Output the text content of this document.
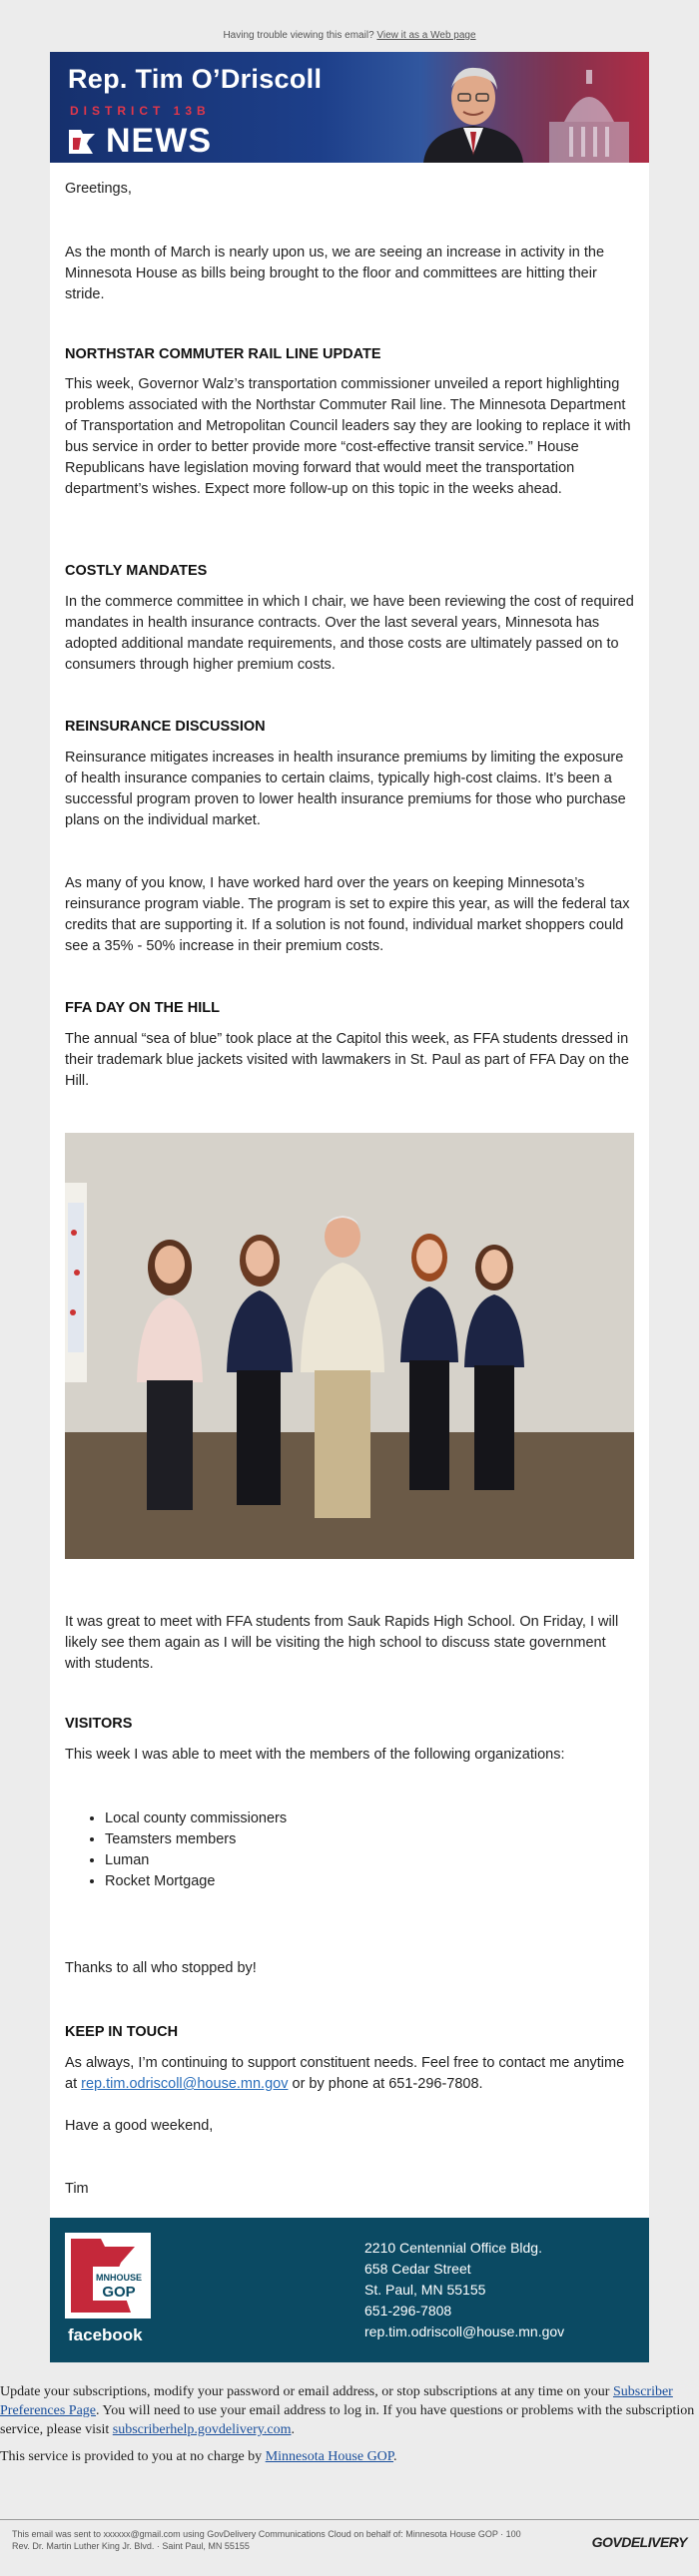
Having trouble viewing this email? View it as a Web page
Rep. Tim O’Driscoll
DISTRICT 13B
NEWS

Greetings,

As the month of March is nearly upon us, we are seeing an increase in activity in the Minnesota House as bills being brought to the floor and committees are hitting their stride.

NORTHSTAR COMMUTER RAIL LINE UPDATE

This week, Governor Walz’s transportation commissioner unveiled a report highlighting problems associated with the Northstar Commuter Rail line. The Minnesota Department of Transportation and Metropolitan Council leaders say they are looking to replace it with bus service in order to better provide more “cost-effective transit service.” House Republicans have legislation moving forward that would meet the transportation department’s wishes. Expect more follow-up on this topic in the weeks ahead.

COSTLY MANDATES

In the commerce committee in which I chair, we have been reviewing the cost of required mandates in health insurance contracts. Over the last several years, Minnesota has adopted additional mandate requirements, and those costs are ultimately passed on to consumers through higher premium costs.

REINSURANCE DISCUSSION

Reinsurance mitigates increases in health insurance premiums by limiting the exposure of health insurance companies to certain claims, typically high-cost claims. It’s been a successful program proven to lower health insurance premiums for those who purchase plans on the individual market.

As many of you know, I have worked hard over the years on keeping Minnesota’s reinsurance program viable. The program is set to expire this year, as will the federal tax credits that are supporting it. If a solution is not found, individual market shoppers could see a 35% - 50% increase in their premium costs.

FFA DAY ON THE HILL

The annual “sea of blue” took place at the Capitol this week, as FFA students dressed in their trademark blue jackets visited with lawmakers in St. Paul as part of FFA Day on the Hill.

It was great to meet with FFA students from Sauk Rapids High School. On Friday, I will likely see them again as I will be visiting the high school to discuss state government with students.

VISITORS

This week I was able to meet with the members of the following organizations:

• Local county commissioners
• Teamsters members
• Luman
• Rocket Mortgage

Thanks to all who stopped by!

KEEP IN TOUCH

As always, I’m continuing to support constituent needs. Feel free to contact me anytime at rep.tim.odriscoll@house.mn.gov or by phone at 651-296-7808.

Have a good weekend,

Tim

MNHOUSE
GOP
facebook
2210 Centennial Office Bldg.
658 Cedar Street
St. Paul, MN 55155
651-296-7808
rep.tim.odriscoll@house.mn.gov

Update your subscriptions, modify your password or email address, or stop subscriptions at any time on your Subscriber Preferences Page. You will need to use your email address to log in. If you have questions or problems with the subscription service, please visit subscriberhelp.govdelivery.com.

This service is provided to you at no charge by Minnesota House GOP.

This email was sent to xxxxxx@gmail.com using GovDelivery Communications Cloud on behalf of: Minnesota House GOP · 100
Rev. Dr. Martin Luther King Jr. Blvd. · Saint Paul, MN 55155	GOVDELIVERY
